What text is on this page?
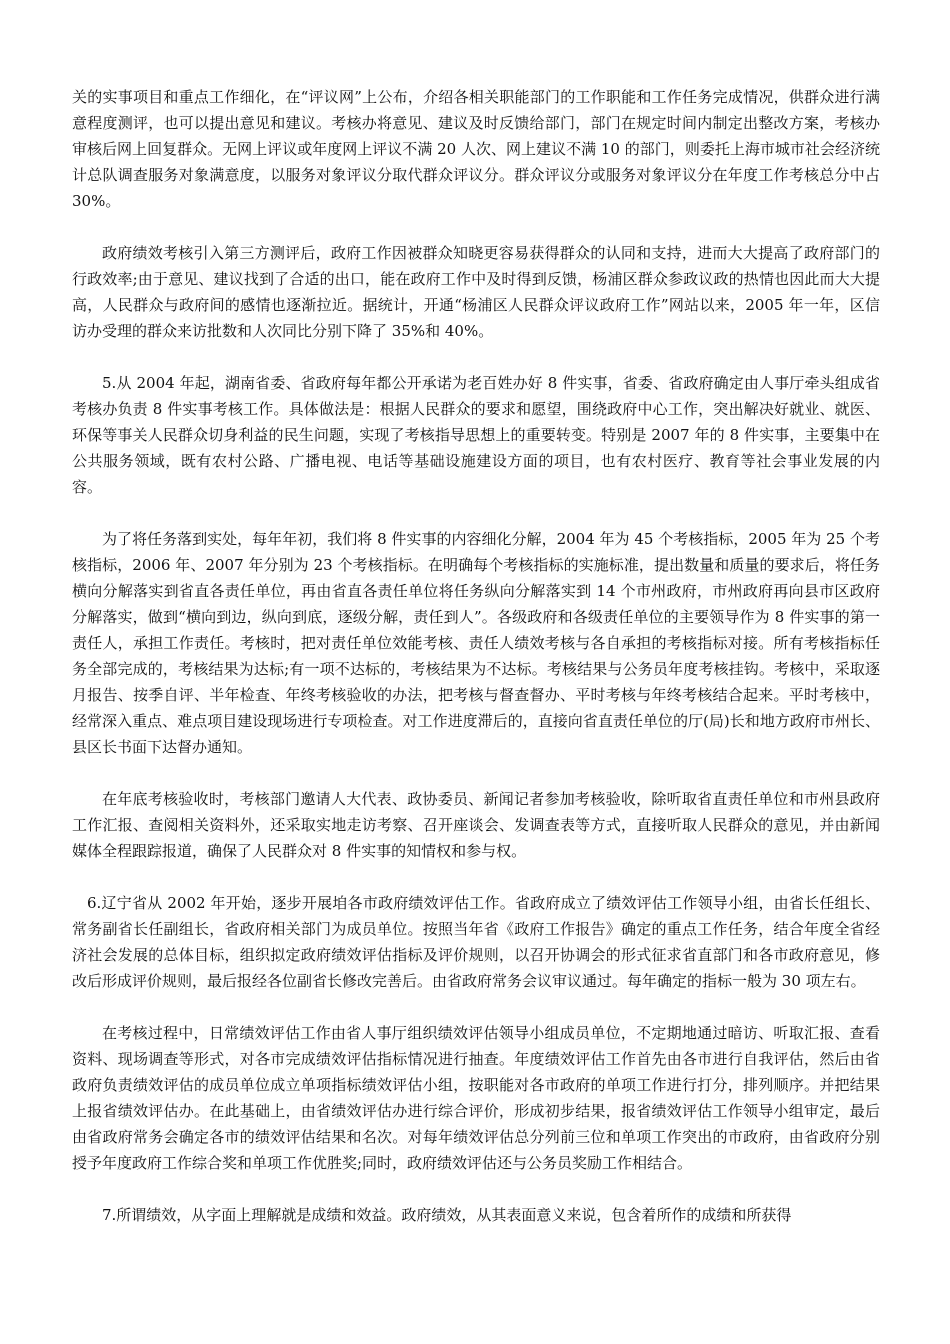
关的实事项目和重点工作细化，在“评议网”上公布，介绍各相关职能部门的工作职能和工作任务完成情况，供群众进行满意程度测评，也可以提出意见和建议。考核办将意见、建议及时反馈给部门，部门在规定时间内制定出整改方案，考核办审核后网上回复群众。无网上评议或年度网上评议不满 20 人次、网上建议不满 10 的部门，则委托上海市城市社会经济统计总队调查服务对象满意度，以服务对象评议分取代群众评议分。群众评议分或服务对象评议分在年度工作考核总分中占 30%。

政府绩效考核引入第三方测评后，政府工作因被群众知晓更容易获得群众的认同和支持，进而大大提高了政府部门的行政效率;由于意见、建议找到了合适的出口，能在政府工作中及时得到反馈，杨浦区群众参政议政的热情也因此而大大提高，人民群众与政府间的感情也逐渐拉近。据统计，开通“杨浦区人民群众评议政府工作”网站以来，2005 年一年，区信访办受理的群众来访批数和人次同比分别下降了 35%和 40%。

5.从 2004 年起，湖南省委、省政府每年都公开承诺为老百姓办好 8 件实事，省委、省政府确定由人事厅牵头组成省考核办负责 8 件实事考核工作。具体做法是：根据人民群众的要求和愿望，围绕政府中心工作，突出解决好就业、就医、环保等事关人民群众切身利益的民生问题，实现了考核指导思想上的重要转变。特别是 2007 年的 8 件实事，主要集中在公共服务领域，既有农村公路、广播电视、电话等基础设施建设方面的项目，也有农村医疗、教育等社会事业发展的内容。

为了将任务落到实处，每年年初，我们将 8 件实事的内容细化分解，2004 年为 45 个考核指标，2005 年为 25 个考核指标，2006 年、2007 年分别为 23 个考核指标。在明确每个考核指标的实施标准，提出数量和质量的要求后，将任务横向分解落实到省直各责任单位，再由省直各责任单位将任务纵向分解落实到 14 个市州政府，市州政府再向县市区政府分解落实，做到“横向到边，纵向到底，逐级分解，责任到人”。各级政府和各级责任单位的主要领导作为 8 件实事的第一责任人，承担工作责任。考核时，把对责任单位效能考核、责任人绩效考核与各自承担的考核指标对接。所有考核指标任务全部完成的，考核结果为达标;有一项不达标的，考核结果为不达标。考核结果与公务员年度考核挂钩。考核中，采取逐月报告、按季自评、半年检查、年终考核验收的办法，把考核与督查督办、平时考核与年终考核结合起来。平时考核中，经常深入重点、难点项目建设现场进行专项检查。对工作进度滞后的，直接向省直责任单位的厅(局)长和地方政府市州长、县区长书面下达督办通知。

在年底考核验收时，考核部门邀请人大代表、政协委员、新闻记者参加考核验收，除听取省直责任单位和市州县政府工作汇报、查阅相关资料外，还采取实地走访考察、召开座谈会、发调查表等方式，直接听取人民群众的意见，并由新闻媒体全程跟踪报道，确保了人民群众对 8 件实事的知情权和参与权。

6.辽宁省从 2002 年开始，逐步开展垍各市政府绩效评估工作。省政府成立了绩效评估工作领导小组，由省长任组长、常务副省长任副组长，省政府相关部门为成员单位。按照当年省《政府工作报告》确定的重点工作任务，结合年度全省经济社会发展的总体目标，组织拟定政府绩效评估指标及评价规则，以召开协调会的形式征求省直部门和各市政府意见，修改后形成评价规则，最后报经各位副省长修改完善后。由省政府常务会议审议通过。每年确定的指标一般为 30 项左右。

在考核过程中，日常绩效评估工作由省人事厅组织绩效评估领导小组成员单位，不定期地通过暗访、听取汇报、查看资料、现场调查等形式，对各市完成绩效评估指标情况进行抽查。年度绩效评估工作首先由各市进行自我评估，然后由省政府负责绩效评估的成员单位成立单项指标绩效评估小组，按职能对各市政府的单项工作进行打分，排列顺序。并把结果上报省绩效评估办。在此基础上，由省绩效评估办进行综合评价，形成初步结果，报省绩效评估工作领导小组审定，最后由省政府常务会确定各市的绩效评估结果和名次。对每年绩效评估总分列前三位和单项工作突出的市政府，由省政府分别授予年度政府工作综合奖和单项工作优胜奖;同时，政府绩效评估还与公务员奖励工作相结合。

7.所谓绩效，从字面上理解就是成绩和效益。政府绩效，从其表面意义来说，包含着所作的成绩和所获得
